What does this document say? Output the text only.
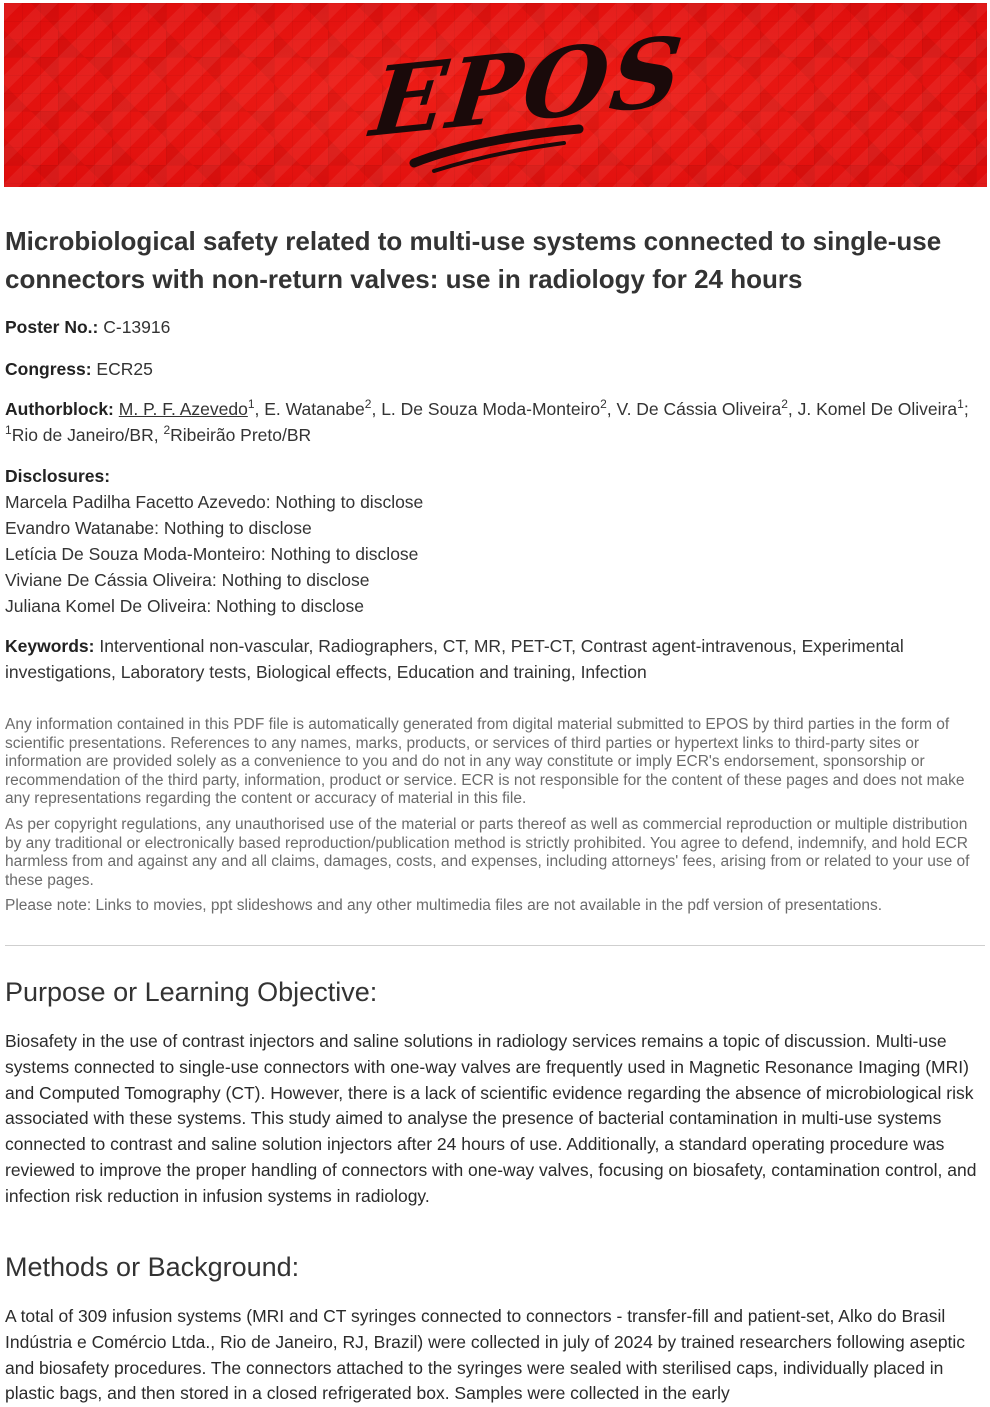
EPOS
Microbiological safety related to multi-use systems connected to single-use connectors with non-return valves: use in radiology for 24 hours
Poster No.: C-13916
Congress: ECR25
Authorblock: M. P. F. Azevedo$^1$, E. Watanabe$^2$, L. De Souza Moda-Monteiro$^2$, V. De Cássia Oliveira$^2$, J. Komel De Oliveira$^1$; $^1$Rio de Janeiro/BR, $^2$Ribeirão Preto/BR
Disclosures:
Marcela Padilha Facetto Azevedo: Nothing to disclose
Evandro Watanabe: Nothing to disclose
Letícia De Souza Moda-Monteiro: Nothing to disclose
Viviane De Cássia Oliveira: Nothing to disclose
Juliana Komel De Oliveira: Nothing to disclose
Keywords: Interventional non-vascular, Radiographers, CT, MR, PET-CT, Contrast agent-intravenous, Experimental investigations, Laboratory tests, Biological effects, Education and training, Infection
Any information contained in this PDF file is automatically generated from digital material submitted to EPOS by third parties in the form of scientific presentations. References to any names, marks, products, or services of third parties or hypertext links to third-party sites or information are provided solely as a convenience to you and do not in any way constitute or imply ECR's endorsement, sponsorship or recommendation of the third party, information, product or service. ECR is not responsible for the content of these pages and does not make any representations regarding the content or accuracy of material in this file.
As per copyright regulations, any unauthorised use of the material or parts thereof as well as commercial reproduction or multiple distribution by any traditional or electronically based reproduction/publication method is strictly prohibited. You agree to defend, indemnify, and hold ECR harmless from and against any and all claims, damages, costs, and expenses, including attorneys' fees, arising from or related to your use of these pages.
Please note: Links to movies, ppt slideshows and any other multimedia files are not available in the pdf version of presentations.
Purpose or Learning Objective:

Biosafety in the use of contrast injectors and saline solutions in radiology services remains a topic of discussion. Multi-use systems connected to single-use connectors with one-way valves are frequently used in Magnetic Resonance Imaging (MRI) and Computed Tomography (CT). However, there is a lack of scientific evidence regarding the absence of microbiological risk associated with these systems. This study aimed to analyse the presence of bacterial contamination in multi-use systems connected to contrast and saline solution injectors after 24 hours of use. Additionally, a standard operating procedure was reviewed to improve the proper handling of connectors with one-way valves, focusing on biosafety, contamination control, and infection risk reduction in infusion systems in radiology.

Methods or Background:

A total of 309 infusion systems (MRI and CT syringes connected to connectors - transfer-fill and patient-set, Alko do Brasil Indústria e Comércio Ltda., Rio de Janeiro, RJ, Brazil) were collected in july of 2024 by trained researchers following aseptic and biosafety procedures. The connectors attached to the syringes were sealed with sterilised caps, individually placed in plastic bags, and then stored in a closed refrigerated box. Samples were collected in the early
